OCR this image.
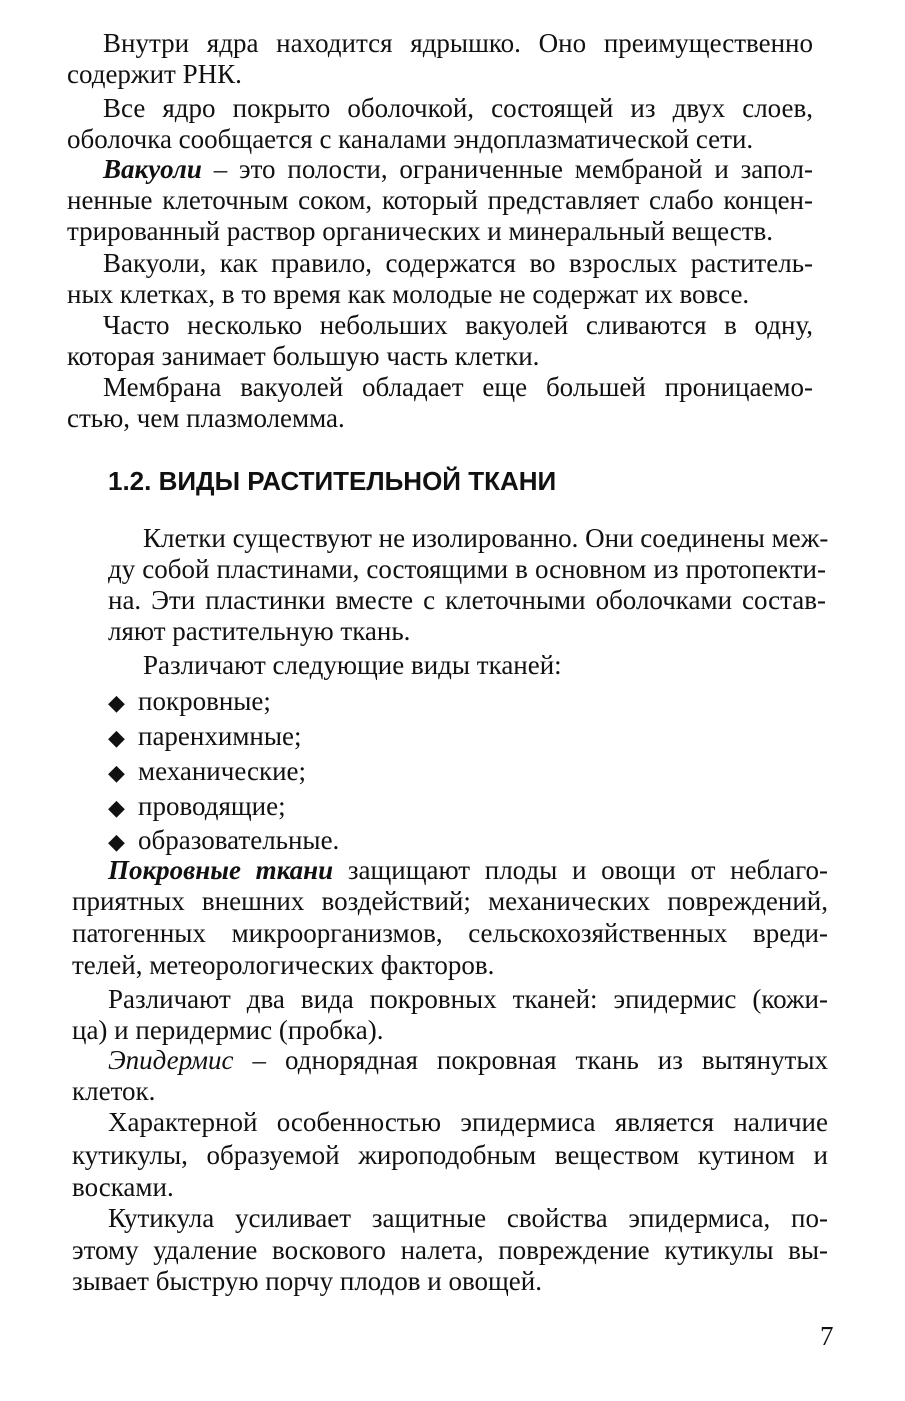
Внутри ядра находится ядрышко. Оно преимущественно
содержит РНК.
Все ядро покрыто оболочкой, состоящей из двух слоев,
оболочка сообщается с каналами эндоплазматической сети.
Вакуоли – это полости, ограниченные мембраной и запол-
ненные клеточным соком, который представляет слабо концен-
трированный раствор органических и минеральный веществ.
Вакуоли, как правило, содержатся во взрослых раститель-
ных клетках, в то время как молодые не содержат их вовсе.
Часто несколько небольших вакуолей сливаются в одну,
которая занимает большую часть клетки.
Мембрана вакуолей обладает еще большей проницаемо-
стью, чем плазмолемма.
1.2. ВИДЫ РАСТИТЕЛЬНОЙ ТКАНИ
Клетки существуют не изолированно. Они соединены меж-
ду собой пластинами, состоящими в основном из протопекти-
на. Эти пластинки вместе с клеточными оболочками состав-
ляют растительную ткань.
Различают следующие виды тканей:
◆ покровные;
◆ паренхимные;
◆ механические;
◆ проводящие;
◆ образовательные.
Покровные ткани защищают плоды и овощи от неблаго-
приятных внешних воздействий; механических повреждений,
патогенных микроорганизмов, сельскохозяйственных вреди-
телей, метеорологических факторов.
Различают два вида покровных тканей: эпидермис (кожи-
ца) и перидермис (пробка).
Эпидермис – однорядная покровная ткань из вытянутых
клеток.
Характерной особенностью эпидермиса является наличие
кутикулы, образуемой жироподобным веществом кутином и
восками.
Кутикула усиливает защитные свойства эпидермиса, по-
этому удаление воскового налета, повреждение кутикулы вы-
зывает быструю порчу плодов и овощей.
7
